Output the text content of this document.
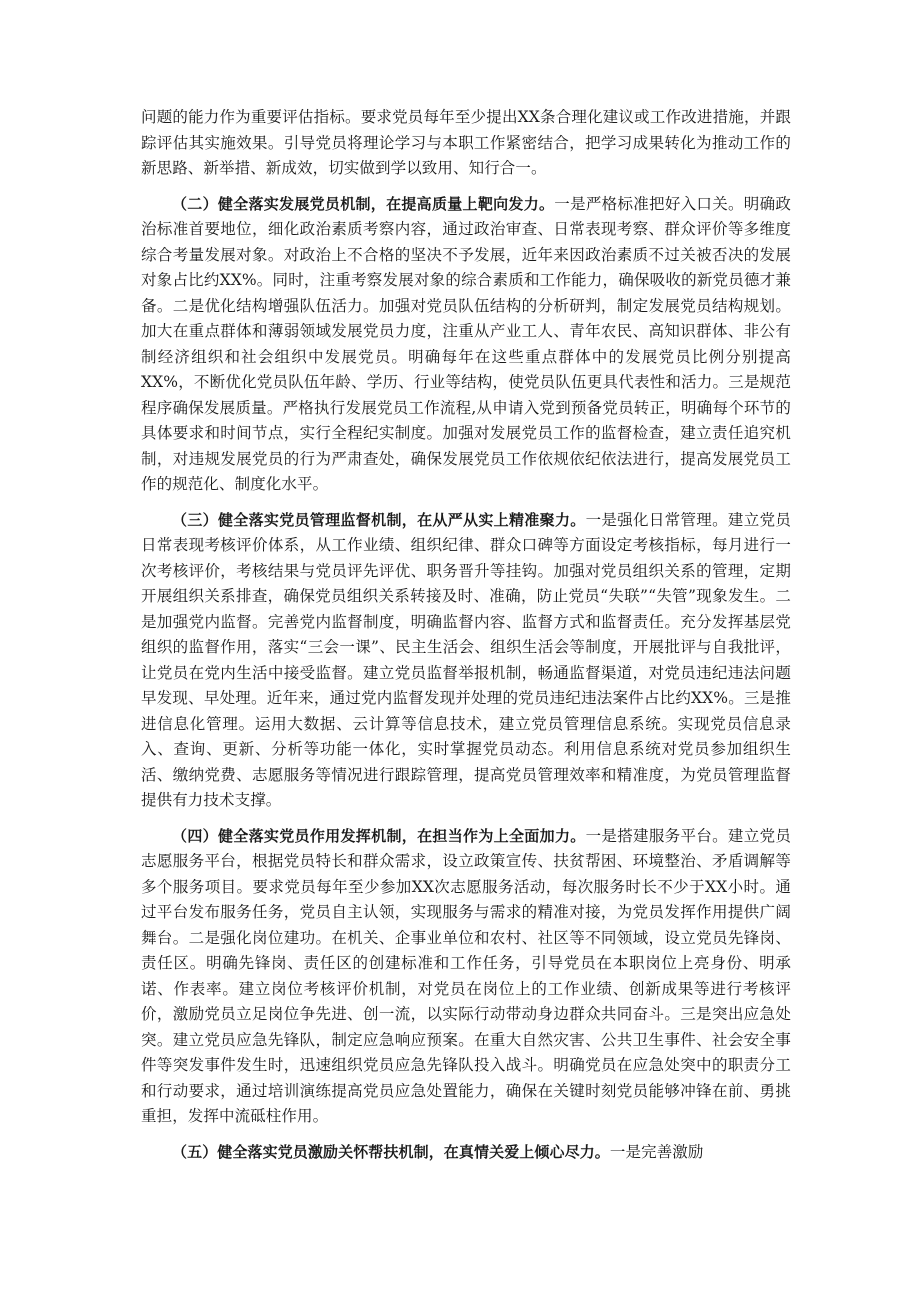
问题的能力作为重要评估指标。要求党员每年至少提出XX条合理化建议或工作改进措施，并跟踪评估其实施效果。引导党员将理论学习与本职工作紧密结合，把学习成果转化为推动工作的新思路、新举措、新成效，切实做到学以致用、知行合一。

（二）健全落实发展党员机制，在提高质量上靶向发力。一是严格标准把好入口关。明确政治标准首要地位，细化政治素质考察内容，通过政治审查、日常表现考察、群众评价等多维度综合考量发展对象。对政治上不合格的坚决不予发展，近年来因政治素质不过关被否决的发展对象占比约XX%。同时，注重考察发展对象的综合素质和工作能力，确保吸收的新党员德才兼备。二是优化结构增强队伍活力。加强对党员队伍结构的分析研判，制定发展党员结构规划。加大在重点群体和薄弱领域发展党员力度，注重从产业工人、青年农民、高知识群体、非公有制经济组织和社会组织中发展党员。明确每年在这些重点群体中的发展党员比例分别提高XX%，不断优化党员队伍年龄、学历、行业等结构，使党员队伍更具代表性和活力。三是规范程序确保发展质量。严格执行发展党员工作流程,从申请入党到预备党员转正，明确每个环节的具体要求和时间节点，实行全程纪实制度。加强对发展党员工作的监督检查，建立责任追究机制，对违规发展党员的行为严肃查处，确保发展党员工作依规依纪依法进行，提高发展党员工作的规范化、制度化水平。

（三）健全落实党员管理监督机制，在从严从实上精准聚力。一是强化日常管理。建立党员日常表现考核评价体系，从工作业绩、组织纪律、群众口碑等方面设定考核指标，每月进行一次考核评价，考核结果与党员评先评优、职务晋升等挂钩。加强对党员组织关系的管理，定期开展组织关系排查，确保党员组织关系转接及时、准确，防止党员“失联”“失管”现象发生。二是加强党内监督。完善党内监督制度，明确监督内容、监督方式和监督责任。充分发挥基层党组织的监督作用，落实“三会一课”、民主生活会、组织生活会等制度，开展批评与自我批评，让党员在党内生活中接受监督。建立党员监督举报机制，畅通监督渠道，对党员违纪违法问题早发现、早处理。近年来，通过党内监督发现并处理的党员违纪违法案件占比约XX%。三是推进信息化管理。运用大数据、云计算等信息技术，建立党员管理信息系统。实现党员信息录入、查询、更新、分析等功能一体化，实时掌握党员动态。利用信息系统对党员参加组织生活、缴纳党费、志愿服务等情况进行跟踪管理，提高党员管理效率和精准度，为党员管理监督提供有力技术支撑。

（四）健全落实党员作用发挥机制，在担当作为上全面加力。一是搭建服务平台。建立党员志愿服务平台，根据党员特长和群众需求，设立政策宣传、扶贫帮困、环境整治、矛盾调解等多个服务项目。要求党员每年至少参加XX次志愿服务活动，每次服务时长不少于XX小时。通过平台发布服务任务，党员自主认领，实现服务与需求的精准对接，为党员发挥作用提供广阔舞台。二是强化岗位建功。在机关、企事业单位和农村、社区等不同领域，设立党员先锋岗、责任区。明确先锋岗、责任区的创建标准和工作任务，引导党员在本职岗位上亮身份、明承诺、作表率。建立岗位考核评价机制，对党员在岗位上的工作业绩、创新成果等进行考核评价，激励党员立足岗位争先进、创一流，以实际行动带动身边群众共同奋斗。三是突出应急处突。建立党员应急先锋队，制定应急响应预案。在重大自然灾害、公共卫生事件、社会安全事件等突发事件发生时，迅速组织党员应急先锋队投入战斗。明确党员在应急处突中的职责分工和行动要求，通过培训演练提高党员应急处置能力，确保在关键时刻党员能够冲锋在前、勇挑重担，发挥中流砥柱作用。

（五）健全落实党员激励关怀帮扶机制，在真情关爱上倾心尽力。一是完善激励
